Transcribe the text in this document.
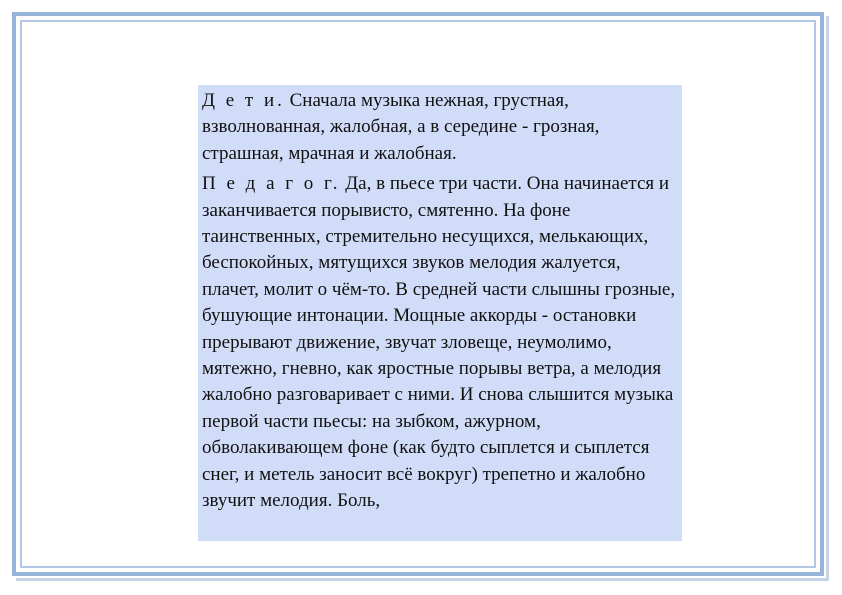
Д е т и. Сначала музыка нежная, грустная, взволнованная, жалобная, а в середине - грозная, страшная, мрачная и жалобная.

П е д а г о г. Да, в пьесе три части. Она начинается и заканчивается порывисто, смятенно. На фоне таинственных, стремительно несущихся, мелькающих, беспокойных, мятущихся звуков мелодия жалуется, плачет, молит о чём-то. В средней части слышны грозные, бушующие интонации. Мощные аккорды - остановки прерывают движение, звучат зловеще, неумолимо, мятежно, гневно, как яростные порывы ветра, а мелодия жалобно разговаривает с ними. И снова слышится музыка первой части пьесы: на зыбком, ажурном, обволакивающем фоне (как будто сыплется и сыплется снег, и метель заносит всё вокруг) трепетно и жалобно звучит мелодия. Боль,
